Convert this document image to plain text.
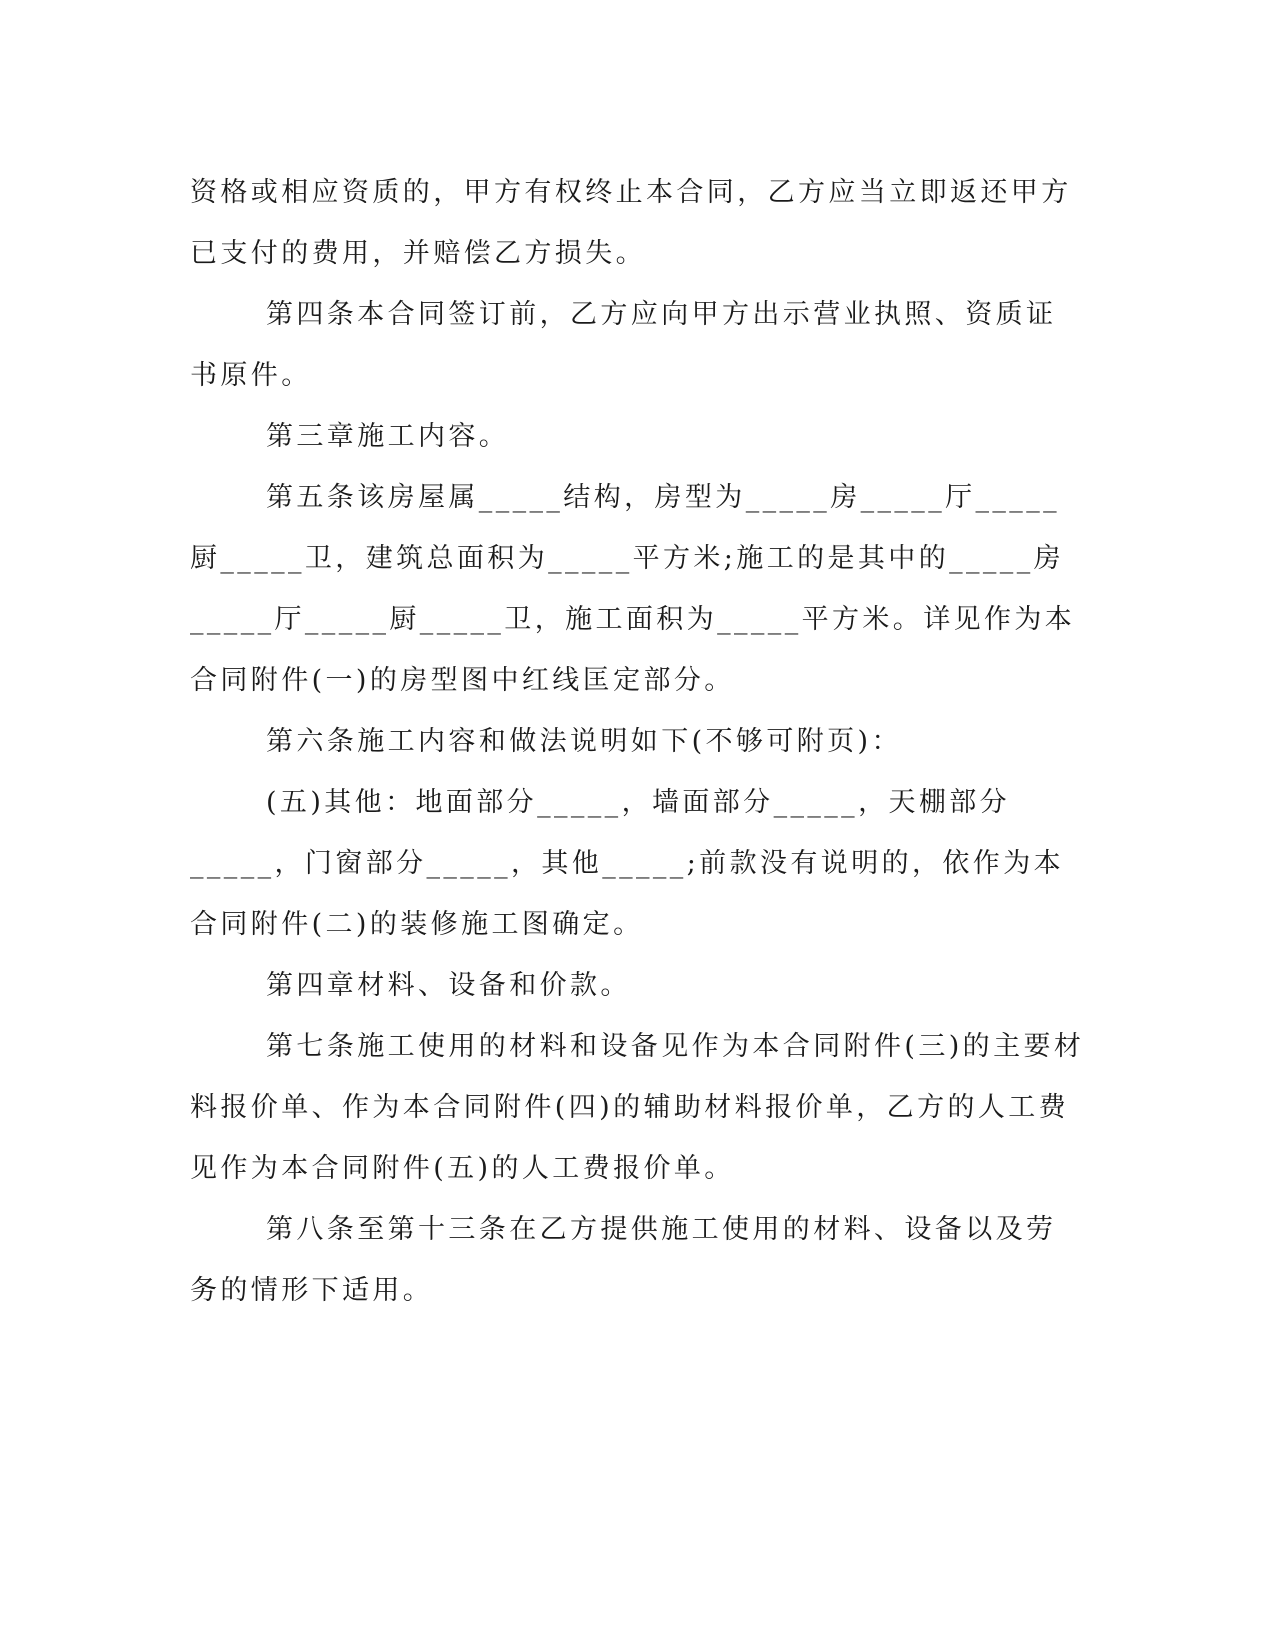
资格或相应资质的，甲方有权终止本合同，乙方应当立即返还甲方已支付的费用，并赔偿乙方损失。

第四条本合同签订前，乙方应向甲方出示营业执照、资质证书原件。

第三章施工内容。

第五条该房屋属_____结构，房型为_____房_____厅_____厨_____卫，建筑总面积为_____平方米;施工的是其中的_____房_____厅_____厨_____卫，施工面积为_____平方米。详见作为本合同附件(一)的房型图中红线匡定部分。

第六条施工内容和做法说明如下(不够可附页)：

(五)其他：地面部分_____，墙面部分_____，天棚部分_____，门窗部分_____，其他_____;前款没有说明的，依作为本合同附件(二)的装修施工图确定。

第四章材料、设备和价款。

第七条施工使用的材料和设备见作为本合同附件(三)的主要材料报价单、作为本合同附件(四)的辅助材料报价单，乙方的人工费见作为本合同附件(五)的人工费报价单。

第八条至第十三条在乙方提供施工使用的材料、设备以及劳务的情形下适用。
